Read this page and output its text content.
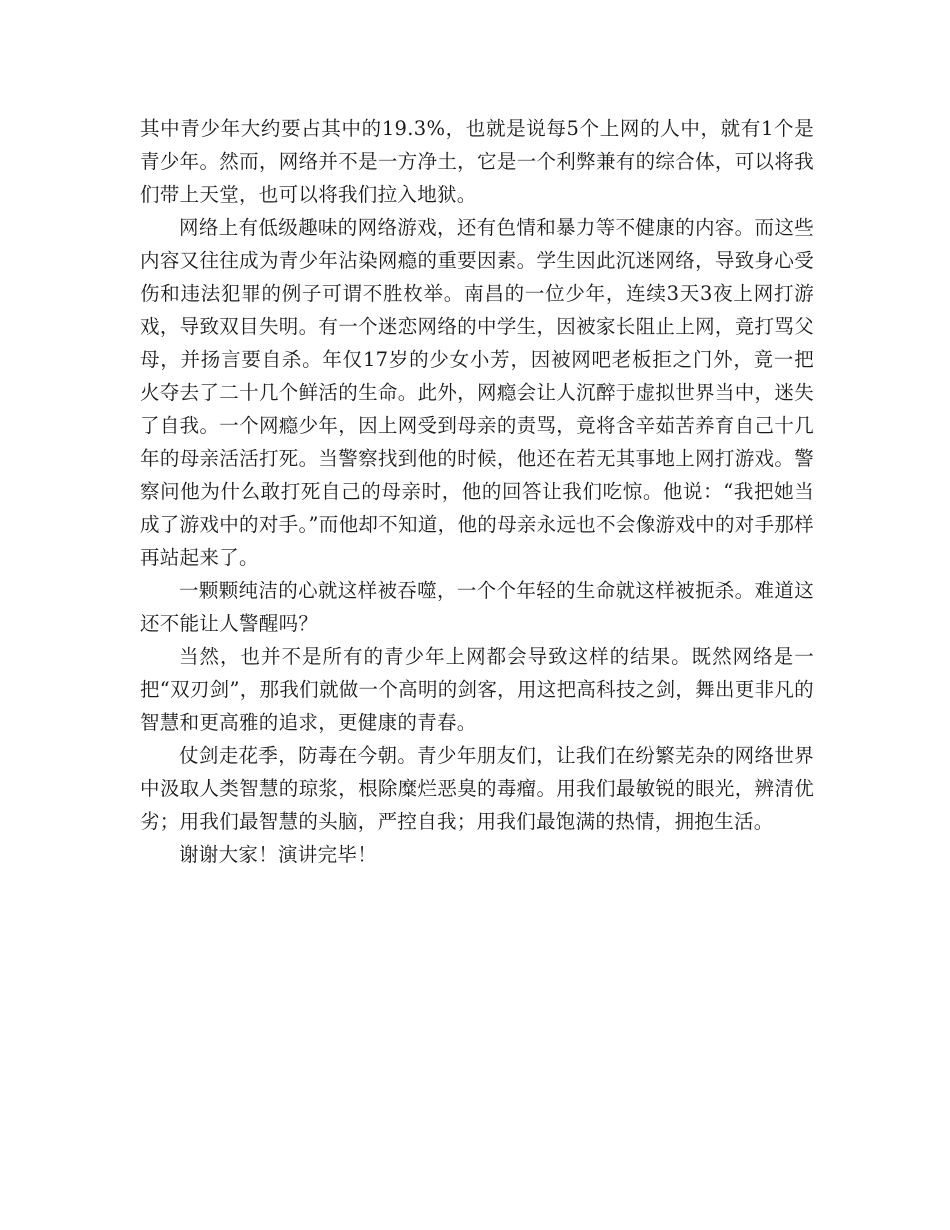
其中青少年大约要占其中的19.3%，也就是说每5个上网的人中，就有1个是青少年。然而，网络并不是一方净土，它是一个利弊兼有的综合体，可以将我们带上天堂，也可以将我们拉入地狱。

网络上有低级趣味的网络游戏，还有色情和暴力等不健康的内容。而这些内容又往往成为青少年沾染网瘾的重要因素。学生因此沉迷网络，导致身心受伤和违法犯罪的例子可谓不胜枚举。南昌的一位少年，连续3天3夜上网打游戏，导致双目失明。有一个迷恋网络的中学生，因被家长阻止上网，竟打骂父母，并扬言要自杀。年仅17岁的少女小芳，因被网吧老板拒之门外，竟一把火夺去了二十几个鲜活的生命。此外，网瘾会让人沉醉于虚拟世界当中，迷失了自我。一个网瘾少年，因上网受到母亲的责骂，竟将含辛茹苦养育自己十几年的母亲活活打死。当警察找到他的时候，他还在若无其事地上网打游戏。警察问他为什么敢打死自己的母亲时，他的回答让我们吃惊。他说：“我把她当成了游戏中的对手。”而他却不知道，他的母亲永远也不会像游戏中的对手那样再站起来了。

一颗颗纯洁的心就这样被吞噬，一个个年轻的生命就这样被扼杀。难道这还不能让人警醒吗？

当然，也并不是所有的青少年上网都会导致这样的结果。既然网络是一把“双刃剑”，那我们就做一个高明的剑客，用这把高科技之剑，舞出更非凡的智慧和更高雅的追求，更健康的青春。

仗剑走花季，防毒在今朝。青少年朋友们，让我们在纷繁芜杂的网络世界中汲取人类智慧的琼浆，根除糜烂恶臭的毒瘤。用我们最敏锐的眼光，辨清优劣；用我们最智慧的头脑，严控自我；用我们最饱满的热情，拥抱生活。

谢谢大家！演讲完毕！
